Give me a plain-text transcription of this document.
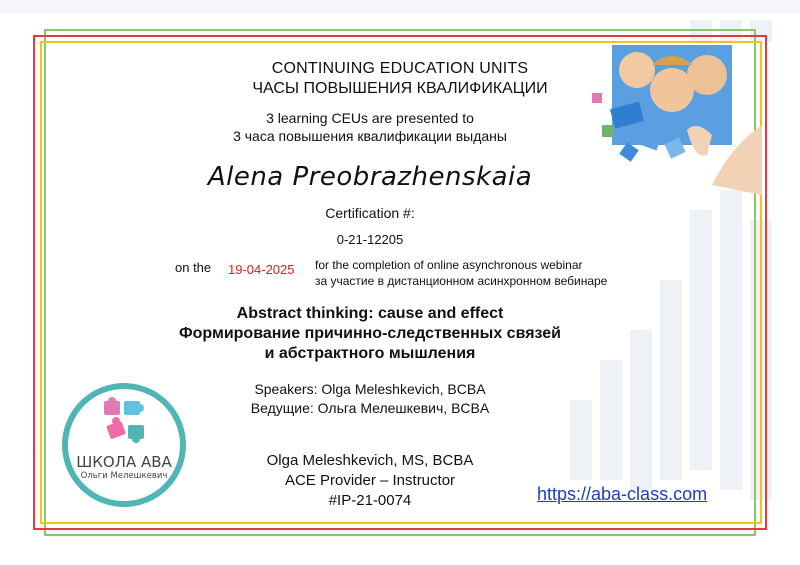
CONTINUING EDUCATION UNITS
ЧАСЫ ПОВЫШЕНИЯ КВАЛИФИКАЦИИ
3 learning CEUs are presented to
3 часа повышения квалификации выданы
Alena Preobrazhenskaia
Certification #:
0-21-12205
on the 19-04-2025 for the completion of online asynchronous webinar
за участие в дистанционном асинхронном вебинаре
Abstract thinking: cause and effect
Формирование причинно-следственных связей
и абстрактного мышления
Speakers: Olga Meleshkevich, BCBA
Ведущие: Ольга Мелешкевич, BCBA
Olga Meleshkevich, MS, BCBA
ACE Provider – Instructor
#IP-21-0074	https://aba-class.com
ШКОЛА АВА
Ольги Мелешкевич
